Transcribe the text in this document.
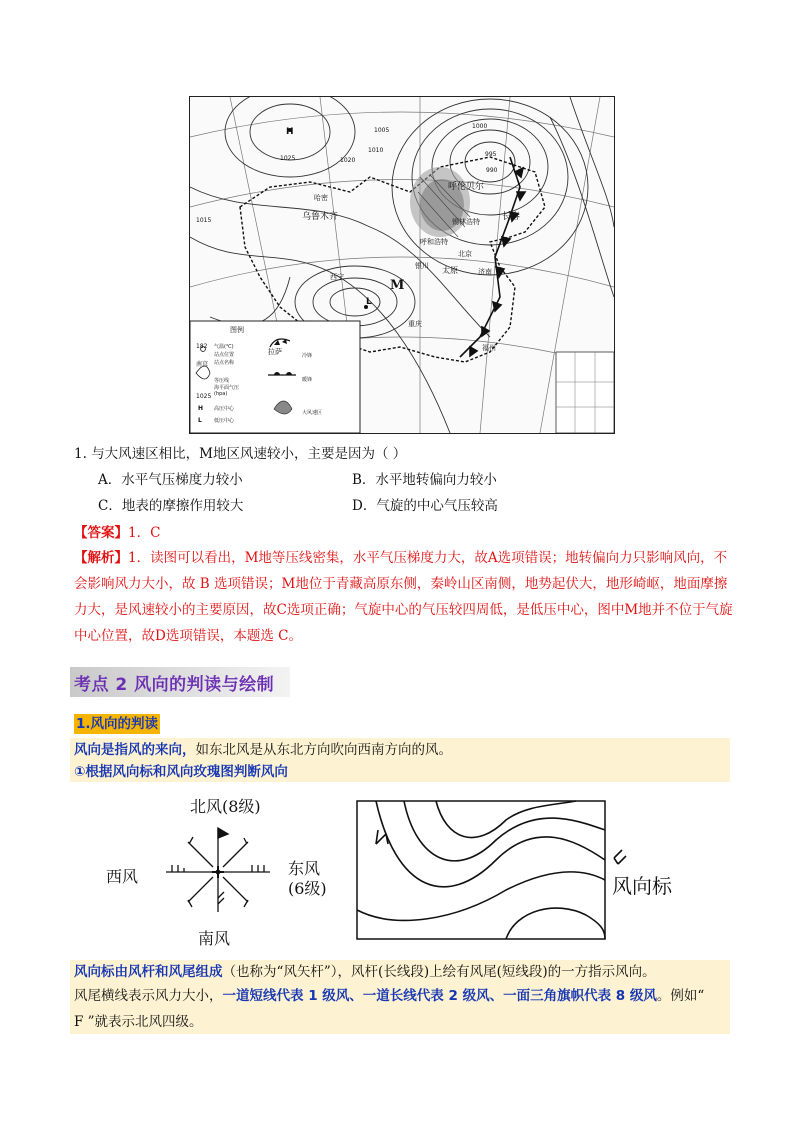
H
L
M
乌鲁木齐
呼伦贝尔
长春
锡林浩特
呼和浩特
太原	济南
西宁
银川
拉萨
重庆
福州
北京
哈密
1025	1020
1015
1010
1005
1000
995
990
图例
182
南京
1025
H
L
气温(℃)
站点位置
站点名称
等压线
海平面气压
(hpa)
高压中心
低压中心
冷锋
暖锋
大风速区
1. 与大风速区相比，M地区风速较小，主要是因为（ ）
A．水平气压梯度力较小	B．水平地转偏向力较小
C．地表的摩擦作用较大	D．气旋的中心气压较高
【答案】1．C
【解析】1．读图可以看出，M地等压线密集，水平气压梯度力大，故A选项错误；地转偏向力只影响风向，不会影响风力大小，故 B 选项错误；M地位于青藏高原东侧，秦岭山区南侧，地势起伏大，地形崎岖，地面摩擦力大，是风速较小的主要原因，故C选项正确；气旋中心的气压较四周低，是低压中心，图中M地并不位于气旋中心位置，故D选项错误，本题选 C。
考点 2 风向的判读与绘制
1.风向的判读
风向是指风的来向，如东北风是从东北方向吹向西南方向的风。
①根据风向标和风向玫瑰图判断风向
北风(8级)
西风	东风
(6级)
南风
风向标
风向标由风杆和风尾组成（也称为“风矢杆”），风杆(长线段)上绘有风尾(短线段)的一方指示风向。
风尾横线表示风力大小，一道短线代表 1 级风、一道长线代表 2 级风、一面三角旗帜代表 8 级风。例如“
F ”就表示北风四级。
